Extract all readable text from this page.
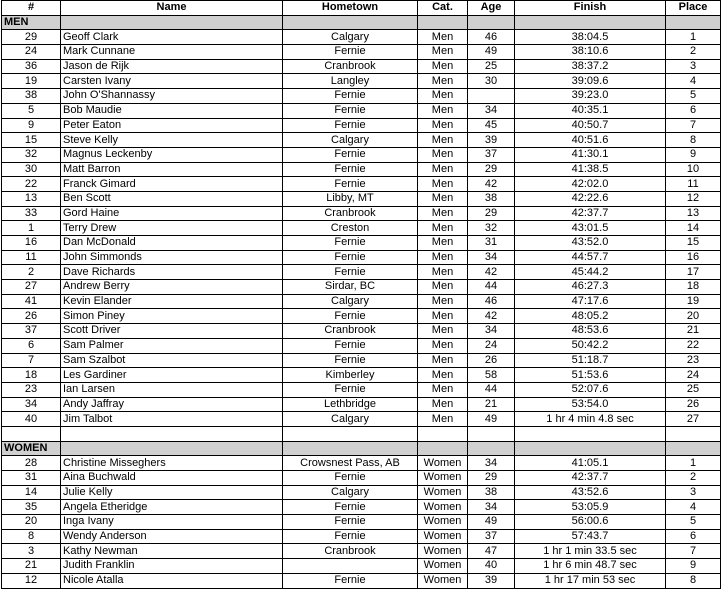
#	Name	Hometown	Cat.	Age	Finish	Place
MEN						
29	Geoff Clark	Calgary	Men	46	38:04.5	1
24	Mark Cunnane	Fernie	Men	49	38:10.6	2
36	Jason de Rijk	Cranbrook	Men	25	38:37.2	3
19	Carsten Ivany	Langley	Men	30	39:09.6	4
38	John O'Shannassy	Fernie	Men		39:23.0	5
5	Bob Maudie	Fernie	Men	34	40:35.1	6
9	Peter Eaton	Fernie	Men	45	40:50.7	7
15	Steve Kelly	Calgary	Men	39	40:51.6	8
32	Magnus Leckenby	Fernie	Men	37	41:30.1	9
30	Matt Barron	Fernie	Men	29	41:38.5	10
22	Franck Gimard	Fernie	Men	42	42:02.0	11
13	Ben Scott	Libby, MT	Men	38	42:22.6	12
33	Gord Haine	Cranbrook	Men	29	42:37.7	13
1	Terry Drew	Creston	Men	32	43:01.5	14
16	Dan McDonald	Fernie	Men	31	43:52.0	15
11	John Simmonds	Fernie	Men	34	44:57.7	16
2	Dave Richards	Fernie	Men	42	45:44.2	17
27	Andrew Berry	Sirdar, BC	Men	44	46:27.3	18
41	Kevin Elander	Calgary	Men	46	47:17.6	19
26	Simon Piney	Fernie	Men	42	48:05.2	20
37	Scott Driver	Cranbrook	Men	34	48:53.6	21
6	Sam Palmer	Fernie	Men	24	50:42.2	22
7	Sam Szalbot	Fernie	Men	26	51:18.7	23
18	Les Gardiner	Kimberley	Men	58	51:53.6	24
23	Ian Larsen	Fernie	Men	44	52:07.6	25
34	Andy Jaffray	Lethbridge	Men	21	53:54.0	26
40	Jim Talbot	Calgary	Men	49	1 hr 4 min 4.8 sec	27

WOMEN						
28	Christine Misseghers	Crowsnest Pass, AB	Women	34	41:05.1	1
31	Aina Buchwald	Fernie	Women	29	42:37.7	2
14	Julie Kelly	Calgary	Women	38	43:52.6	3
35	Angela Etheridge	Fernie	Women	34	53:05.9	4
20	Inga Ivany	Fernie	Women	49	56:00.6	5
8	Wendy Anderson	Fernie	Women	37	57:43.7	6
3	Kathy Newman	Cranbrook	Women	47	1 hr 1 min 33.5 sec	7
21	Judith Franklin		Women	40	1 hr 6 min 48.7 sec	9
12	Nicole Atalla	Fernie	Women	39	1 hr 17 min 53 sec	8
